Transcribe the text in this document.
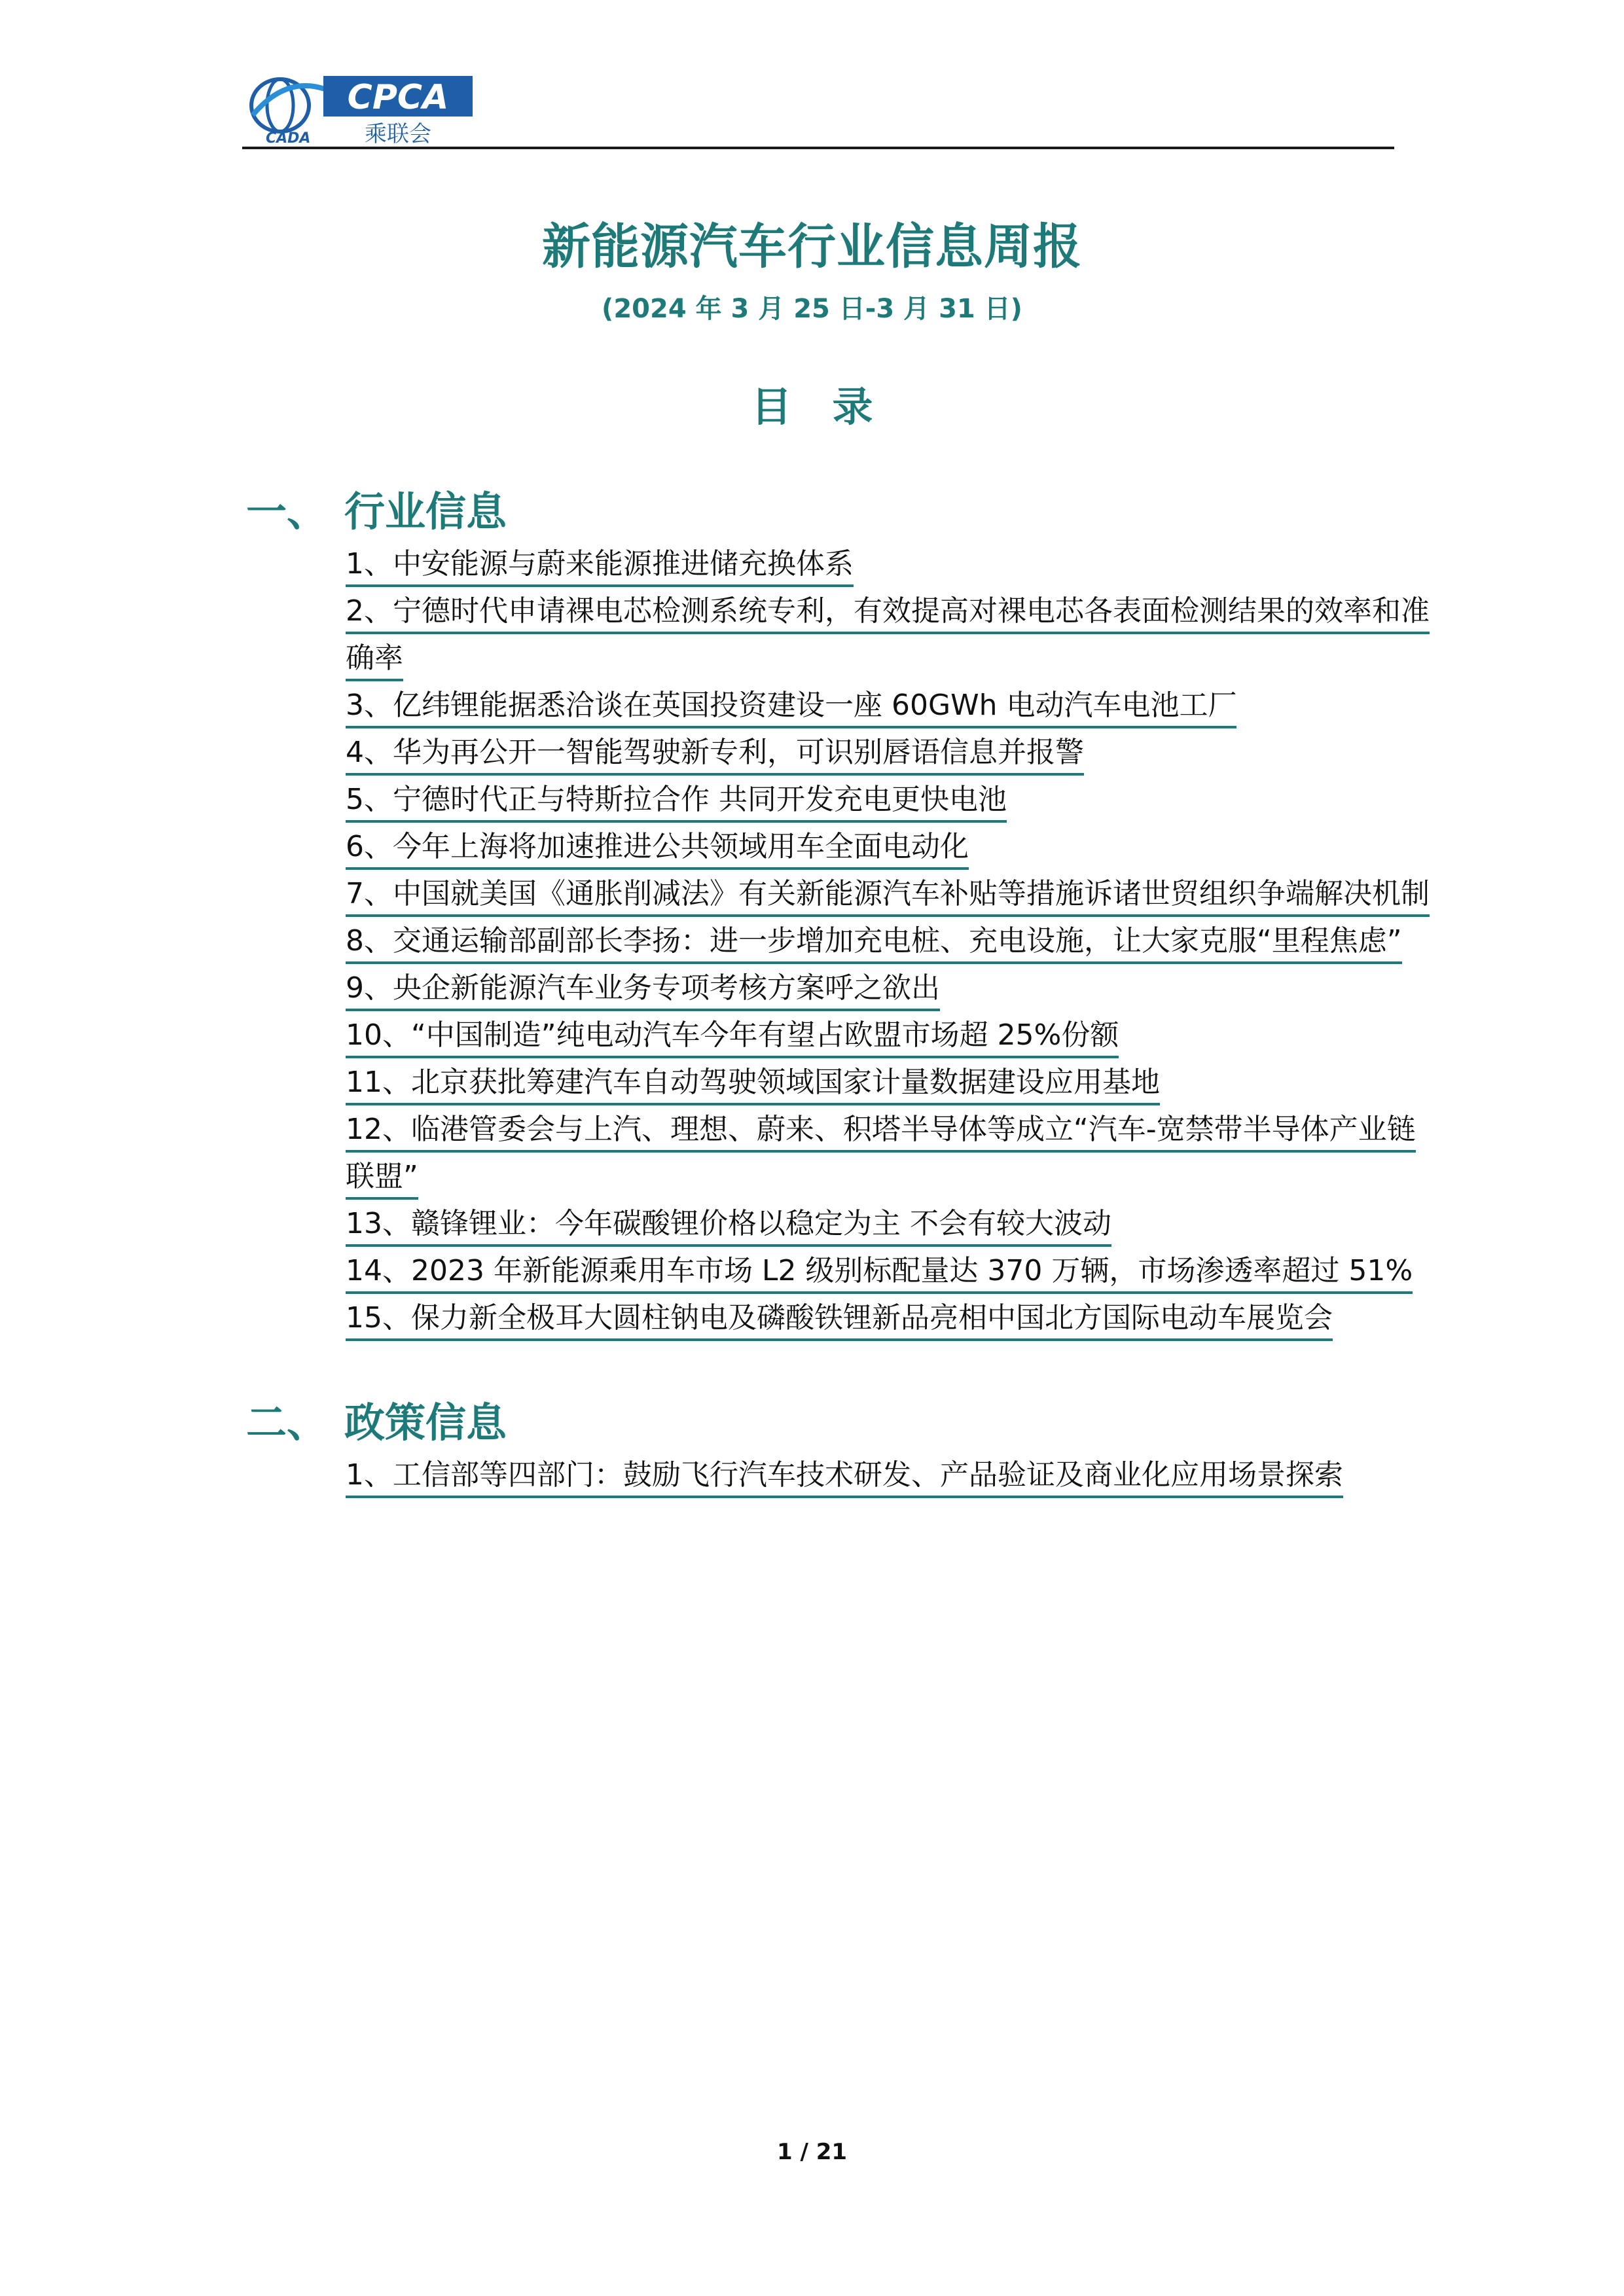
CPCA
CADA 乘联会
新能源汽车行业信息周报
(2024 年 3 月 25 日-3 月 31 日)
目　录
一、 行业信息
1、中安能源与蔚来能源推进储充换体系
2、宁德时代申请裸电芯检测系统专利，有效提高对裸电芯各表面检测结果的效率和准
确率
3、亿纬锂能据悉洽谈在英国投资建设一座 60GWh 电动汽车电池工厂
4、华为再公开一智能驾驶新专利，可识别唇语信息并报警
5、宁德时代正与特斯拉合作 共同开发充电更快电池
6、今年上海将加速推进公共领域用车全面电动化
7、中国就美国《通胀削减法》有关新能源汽车补贴等措施诉诸世贸组织争端解决机制
8、交通运输部副部长李扬：进一步增加充电桩、充电设施，让大家克服“里程焦虑”
9、央企新能源汽车业务专项考核方案呼之欲出
10、“中国制造”纯电动汽车今年有望占欧盟市场超 25%份额
11、北京获批筹建汽车自动驾驶领域国家计量数据建设应用基地
12、临港管委会与上汽、理想、蔚来、积塔半导体等成立“汽车-宽禁带半导体产业链
联盟”
13、赣锋锂业：今年碳酸锂价格以稳定为主 不会有较大波动
14、2023 年新能源乘用车市场 L2 级别标配量达 370 万辆，市场渗透率超过 51%
15、保力新全极耳大圆柱钠电及磷酸铁锂新品亮相中国北方国际电动车展览会
二、 政策信息
1、工信部等四部门：鼓励飞行汽车技术研发、产品验证及商业化应用场景探索
1 / 21
